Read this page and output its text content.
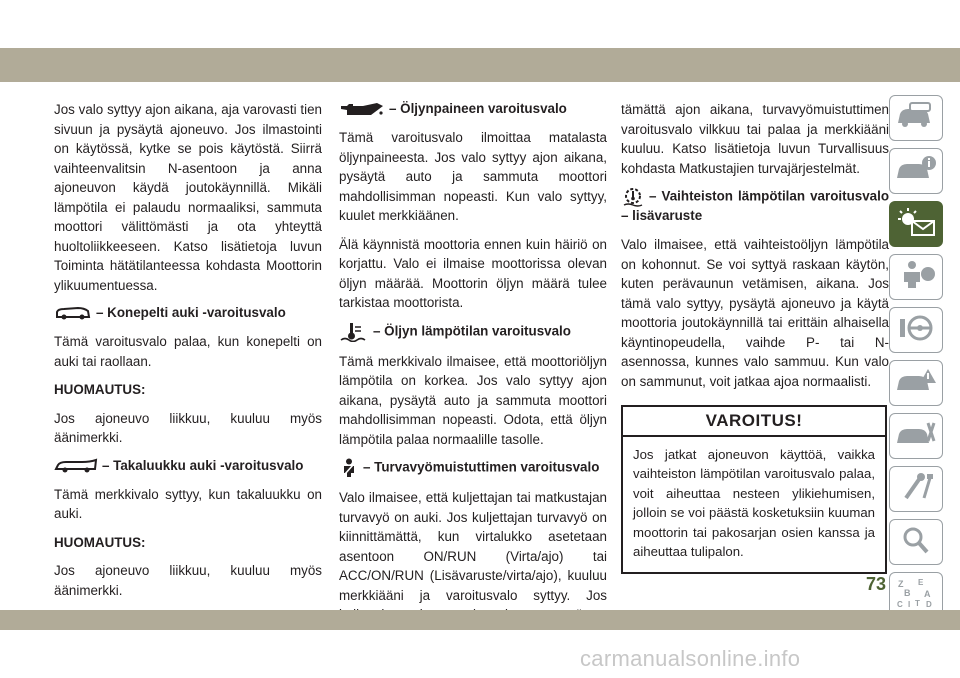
Jos valo syttyy ajon aikana, aja varovasti tien sivuun ja pysäytä ajoneuvo. Jos ilmastointi on käytössä, kytke se pois käytöstä. Siirrä vaihteenvalitsin N-asentoon ja anna ajoneuvon käydä joutokäynnillä. Mikäli lämpötila ei palaudu normaaliksi, sammuta moottori välittömästi ja ota yhteyttä huoltoliikkeeseen. Katso lisätietoja luvun Toiminta hätätilanteessa kohdasta Moottorin ylikuumentuessa.

– Konepelti auki -varoitusvalo

Tämä varoitusvalo palaa, kun konepelti on auki tai raollaan.

HUOMAUTUS:

Jos ajoneuvo liikkuu, kuuluu myös äänimerkki.

– Takaluukku auki -varoitusvalo

Tämä merkkivalo syttyy, kun takaluukku on auki.

HUOMAUTUS:

Jos ajoneuvo liikkuu, kuuluu myös äänimerkki.

– Öljynpaineen varoitusvalo

Tämä varoitusvalo ilmoittaa matalasta öljynpaineesta. Jos valo syttyy ajon aikana, pysäytä auto ja sammuta moottori mahdollisimman nopeasti. Kun valo syttyy, kuulet merkkiäänen.

Älä käynnistä moottoria ennen kuin häiriö on korjattu. Valo ei ilmaise moottorissa olevan öljyn määrää. Moottorin öljyn määrä tulee tarkistaa moottorista.

– Öljyn lämpötilan varoitusvalo

Tämä merkkivalo ilmaisee, että moottoriöljyn lämpötila on korkea. Jos valo syttyy ajon aikana, pysäytä auto ja sammuta moottori mahdollisimman nopeasti. Odota, että öljyn lämpötila palaa normaalille tasolle.

– Turvavyömuistuttimen varoitusvalo

Valo ilmaisee, että kuljettajan tai matkustajan turvavyö on auki. Jos kuljettajan turvavyö on kiinnittämättä, kun virtalukko asetetaan asentoon ON/RUN (Virta/ajo) tai ACC/ON/RUN (Lisävaruste/virta/ajo), kuuluu merkkiääni ja varoitusvalo syttyy. Jos

tämättä ajon aikana, turvavyömuistuttimen varoitusvalo vilkkuu tai palaa ja merkkiääni kuuluu. Katso lisätietoja luvun Turvallisuus kohdasta Matkustajien turvajärjestelmät.

– Vaihteiston lämpötilan varoitusvalo – lisävaruste

Valo ilmaisee, että vaihteistoöljyn lämpötila on kohonnut. Se voi syttyä raskaan käytön, kuten perävaunun vetämisen, aikana. Jos tämä valo syttyy, pysäytä ajoneuvo ja käytä moottoria joutokäynnillä tai erittäin alhaisella käyntinopeudella, vaihde P- tai N-asennossa, kunnes valo sammuu. Kun valo on sammunut, voit jatkaa ajoa normaalisti.

VAROITUS!
Jos jatkat ajoneuvon käyttöä, vaikka vaihteiston lämpötilan varoitusvalo palaa, voit aiheuttaa nesteen ylikiehumisen, jolloin se voi päästä kosketuksiin kuuman moottorin tai pakosarjan osien kanssa ja aiheuttaa tulipalon.
Z E
B A
C	D
I T
73
carmanualsonline.info
